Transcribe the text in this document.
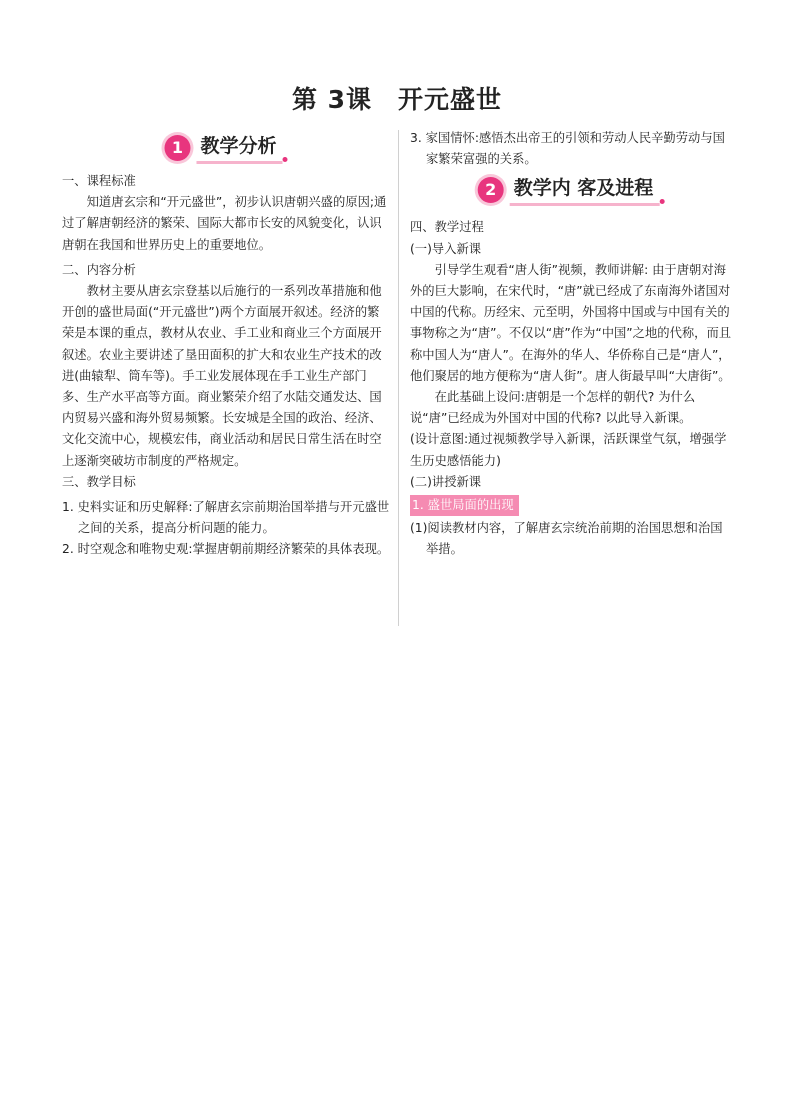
第 3课　开元盛世
1 教学分析

一、课程标准

知道唐玄宗和“开元盛世”，初步认识唐朝兴盛的原因;通过了解唐朝经济的繁荣、国际大都市长安的风貌变化，认识唐朝在我国和世界历史上的重要地位。

二、内容分析

教材主要从唐玄宗登基以后施行的一系列改革措施和他开创的盛世局面(“开元盛世”)两个方面展开叙述。经济的繁荣是本课的重点，教材从农业、手工业和商业三个方面展开叙述。农业主要讲述了垦田面积的扩大和农业生产技术的改进(曲辕犁、筒车等)。手工业发展体现在手工业生产部门多、生产水平高等方面。商业繁荣介绍了水陆交通发达、国内贸易兴盛和海外贸易频繁。长安城是全国的政治、经济、文化交流中心，规模宏伟，商业活动和居民日常生活在时空上逐渐突破坊市制度的严格规定。

三、教学目标

1. 史料实证和历史解释:了解唐玄宗前期治国举措与开元盛世之间的关系，提高分析问题的能力。

2. 时空观念和唯物史观:掌握唐朝前期经济繁荣的具体表现。

3. 家国情怀:感悟杰出帝王的引领和劳动人民辛勤劳动与国家繁荣富强的关系。

2 教学内 客及进程

四、教学过程

(一)导入新课

引导学生观看“唐人街”视频，教师讲解: 由于唐朝对海外的巨大影响，在宋代时，“唐”就已经成了东南海外诸国对中国的代称。历经宋、元至明，外国将中国或与中国有关的事物称之为“唐”。不仅以“唐”作为“中国”之地的代称，而且称中国人为“唐人”。在海外的华人、华侨称自己是“唐人”，他们聚居的地方便称为“唐人街”。唐人街最早叫“大唐街”。

在此基础上设问:唐朝是一个怎样的朝代? 为什么说“唐”已经成为外国对中国的代称? 以此导入新课。

(设计意图:通过视频教学导入新课，活跃课堂气氛，增强学生历史感悟能力)

(二)讲授新课

1. 盛世局面的出现

(1)阅读教材内容，了解唐玄宗统治前期的治国思想和治国举措。
